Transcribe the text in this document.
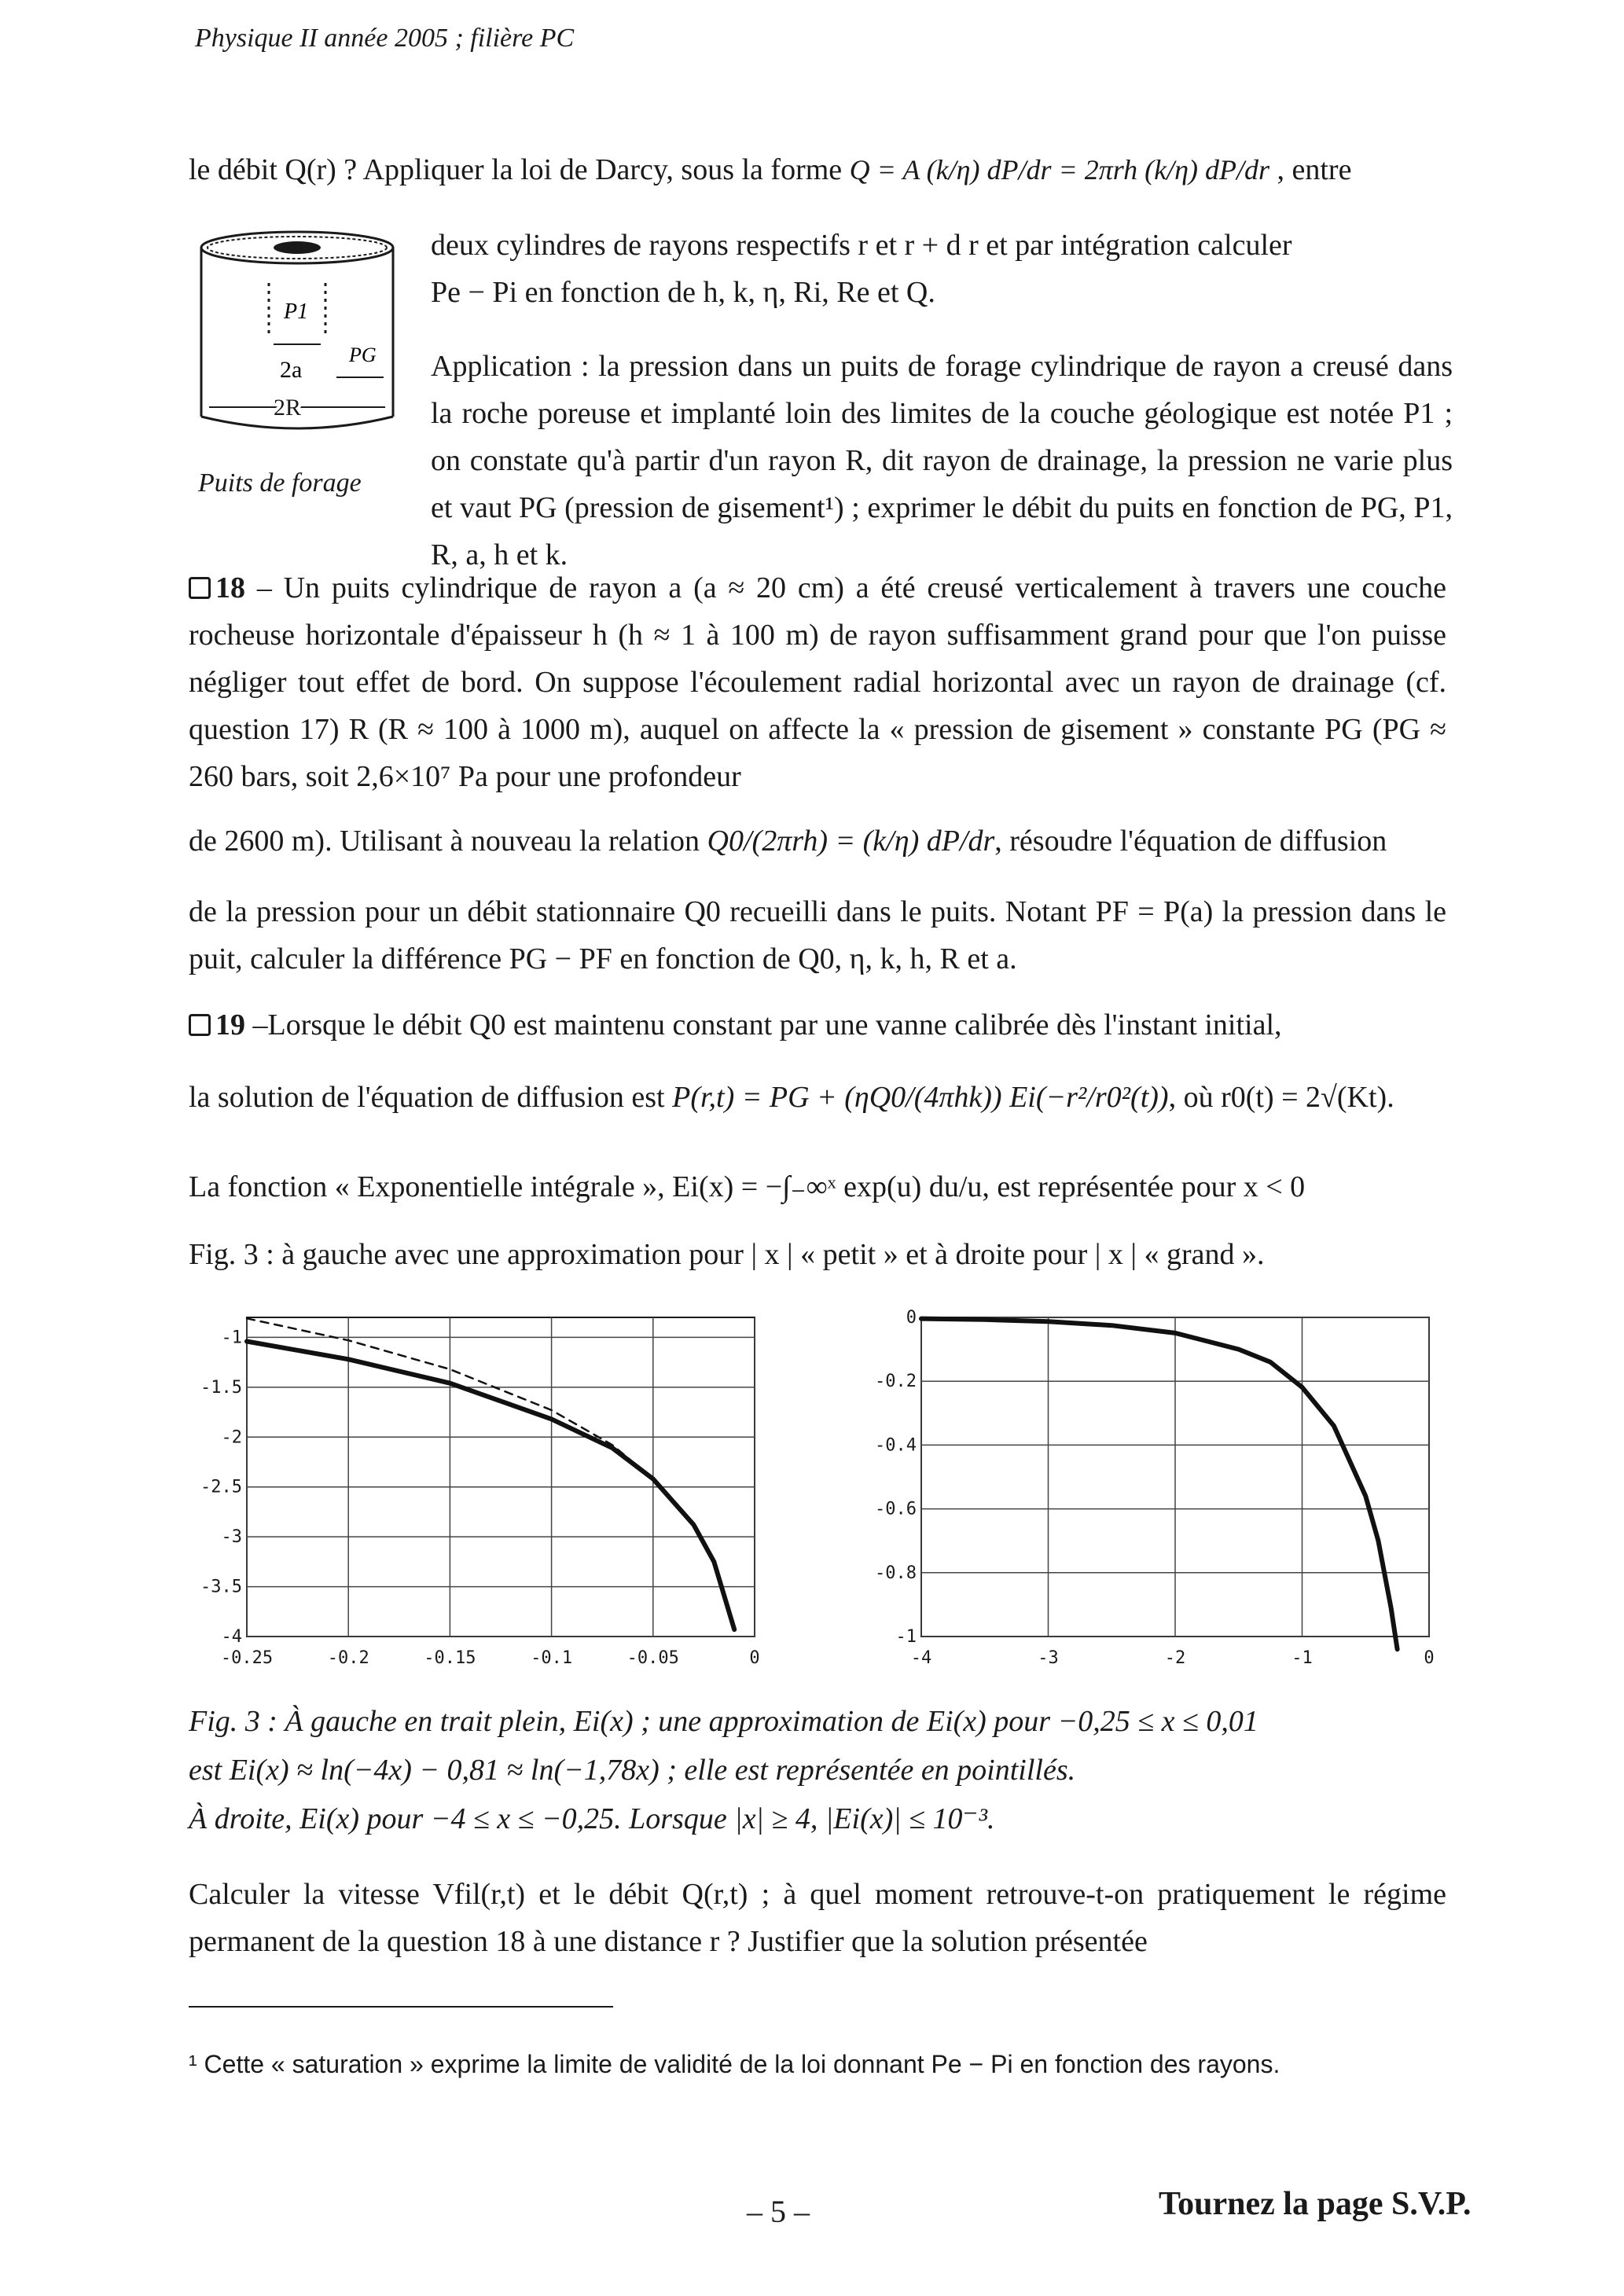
Physique II année 2005 ; filière PC
le débit Q(r) ? Appliquer la loi de Darcy, sous la forme Q = A (k/η) dP/dr = 2πrh (k/η) dP/dr , entre
P1
2a
PG
2R
Puits de forage
deux cylindres de rayons respectifs r et r + d r et par intégration calculer
Pe − Pi en fonction de h, k, η, Ri, Re et Q.
Application : la pression dans un puits de forage cylindrique de rayon a creusé dans la roche poreuse et implanté loin des limites de la couche géologique est notée P1 ; on constate qu'à partir d'un rayon R, dit rayon de drainage, la pression ne varie plus et vaut PG (pression de gisement¹) ; exprimer le débit du puits en fonction de PG, P1, R, a, h et k.
18 – Un puits cylindrique de rayon a (a ≈ 20 cm) a été creusé verticalement à travers une couche rocheuse horizontale d'épaisseur h (h ≈ 1 à 100 m) de rayon suffisamment grand pour que l'on puisse négliger tout effet de bord. On suppose l'écoulement radial horizontal avec un rayon de drainage (cf. question 17) R (R ≈ 100 à 1000 m), auquel on affecte la « pression de gisement » constante PG (PG ≈ 260 bars, soit 2,6×10⁷ Pa pour une profondeur
de 2600 m). Utilisant à nouveau la relation Q0/(2πrh) = (k/η) dP/dr, résoudre l'équation de diffusion
de la pression pour un débit stationnaire Q0 recueilli dans le puits. Notant PF = P(a) la pression dans le puit, calculer la différence PG − PF en fonction de Q0, η, k, h, R et a.
19 –Lorsque le débit Q0 est maintenu constant par une vanne calibrée dès l'instant initial,
la solution de l'équation de diffusion est P(r,t) = PG + (ηQ0/(4πhk)) Ei(−r²/r0²(t)), où r0(t) = 2√(Kt).
La fonction « Exponentielle intégrale », Ei(x) = −∫₋∞ˣ exp(u) du/u, est représentée pour x < 0
Fig. 3 : à gauche avec une approximation pour | x | « petit » et à droite pour | x | « grand ».
-0.25	-0.2	-0.15	-0.1	-0.05	0
-1
-1.5
-2
-2.5
-3
-3.5
-4
-4	-3	-2	-1	0
0
-0.2
-0.4
-0.6
-0.8
-1
Fig. 3 : À gauche en trait plein, Ei(x) ; une approximation de Ei(x) pour −0,25 ≤ x ≤ 0,01
est Ei(x) ≈ ln(−4x) − 0,81 ≈ ln(−1,78x) ; elle est représentée en pointillés.
À droite, Ei(x) pour −4 ≤ x ≤ −0,25. Lorsque |x| ≥ 4, |Ei(x)| ≤ 10⁻³.
Calculer la vitesse Vfil(r,t) et le débit Q(r,t) ; à quel moment retrouve-t-on pratiquement le régime permanent de la question 18 à une distance r ? Justifier que la solution présentée
¹ Cette « saturation » exprime la limite de validité de la loi donnant Pe − Pi en fonction des rayons.
– 5 –	Tournez la page S.V.P.
